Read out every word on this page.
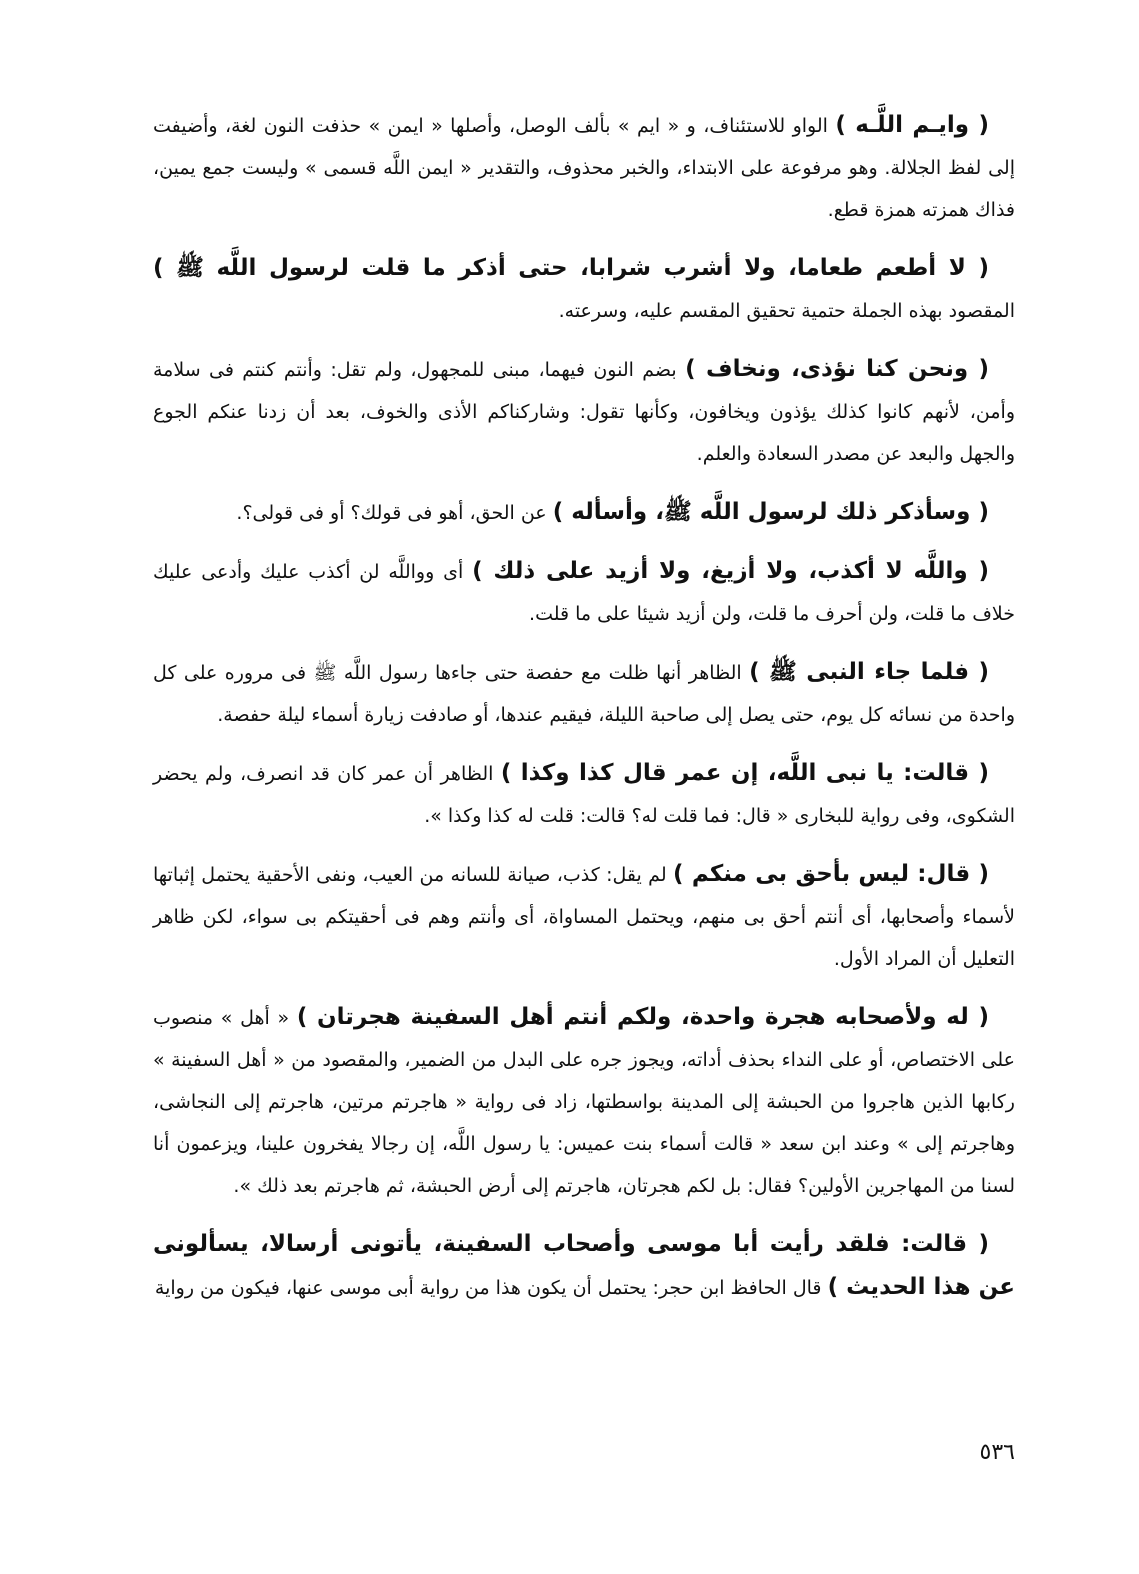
( وايـم اللَّـه ) الواو للاستئناف، و « ايم » بألف الوصل، وأصلها « ايمن » حذفت النون لغة، وأضيفت إلى لفظ الجلالة. وهو مرفوعة على الابتداء، والخبر محذوف، والتقدير « ايمن اللَّه قسمى » وليست جمع يمين، فذاك همزته همزة قطع.

( لا أطعم طعاما، ولا أشرب شرابا، حتى أذكر ما قلت لرسول اللَّه ﷺ ) المقصود بهذه الجملة حتمية تحقيق المقسم عليه، وسرعته.

( ونحن كنا نؤذى، ونخاف ) بضم النون فيهما، مبنى للمجهول، ولم تقل: وأنتم كنتم فى سلامة وأمن، لأنهم كانوا كذلك يؤذون ويخافون، وكأنها تقول: وشاركناكم الأذى والخوف، بعد أن زدنا عنكم الجوع والجهل والبعد عن مصدر السعادة والعلم.

( وسأذكر ذلك لرسول اللَّه ﷺ، وأسأله ) عن الحق، أهو فى قولك؟ أو فى قولى؟.

( واللَّه لا أكذب، ولا أزيغ، ولا أزيد على ذلك ) أى وواللَّه لن أكذب عليك وأدعى عليك خلاف ما قلت، ولن أحرف ما قلت، ولن أزيد شيئا على ما قلت.

( فلما جاء النبى ﷺ ) الظاهر أنها ظلت مع حفصة حتى جاءها رسول اللَّه ﷺ فى مروره على كل واحدة من نسائه كل يوم، حتى يصل إلى صاحبة الليلة، فيقيم عندها، أو صادفت زيارة أسماء ليلة حفصة.

( قالت: يا نبى اللَّه، إن عمر قال كذا وكذا ) الظاهر أن عمر كان قد انصرف، ولم يحضر الشكوى، وفى رواية للبخارى « قال: فما قلت له؟ قالت: قلت له كذا وكذا ».

( قال: ليس بأحق بى منكم ) لم يقل: كذب، صيانة للسانه من العيب، ونفى الأحقية يحتمل إثباتها لأسماء وأصحابها، أى أنتم أحق بى منهم، ويحتمل المساواة، أى وأنتم وهم فى أحقيتكم بى سواء، لكن ظاهر التعليل أن المراد الأول.

( له ولأصحابه هجرة واحدة، ولكم أنتم أهل السفينة هجرتان ) « أهل » منصوب على الاختصاص، أو على النداء بحذف أداته، ويجوز جره على البدل من الضمير، والمقصود من « أهل السفينة » ركابها الذين هاجروا من الحبشة إلى المدينة بواسطتها، زاد فى رواية « هاجرتم مرتين، هاجرتم إلى النجاشى، وهاجرتم إلى » وعند ابن سعد « قالت أسماء بنت عميس: يا رسول اللَّه، إن رجالا يفخرون علينا، ويزعمون أنا لسنا من المهاجرين الأولين؟ فقال: بل لكم هجرتان، هاجرتم إلى أرض الحبشة، ثم هاجرتم بعد ذلك ».

( قالت: فلقد رأيت أبا موسى وأصحاب السفينة، يأتونى أرسالا، يسألونى عن هذا الحديث ) قال الحافظ ابن حجر: يحتمل أن يكون هذا من رواية أبى موسى عنها، فيكون من رواية

٥٣٦
